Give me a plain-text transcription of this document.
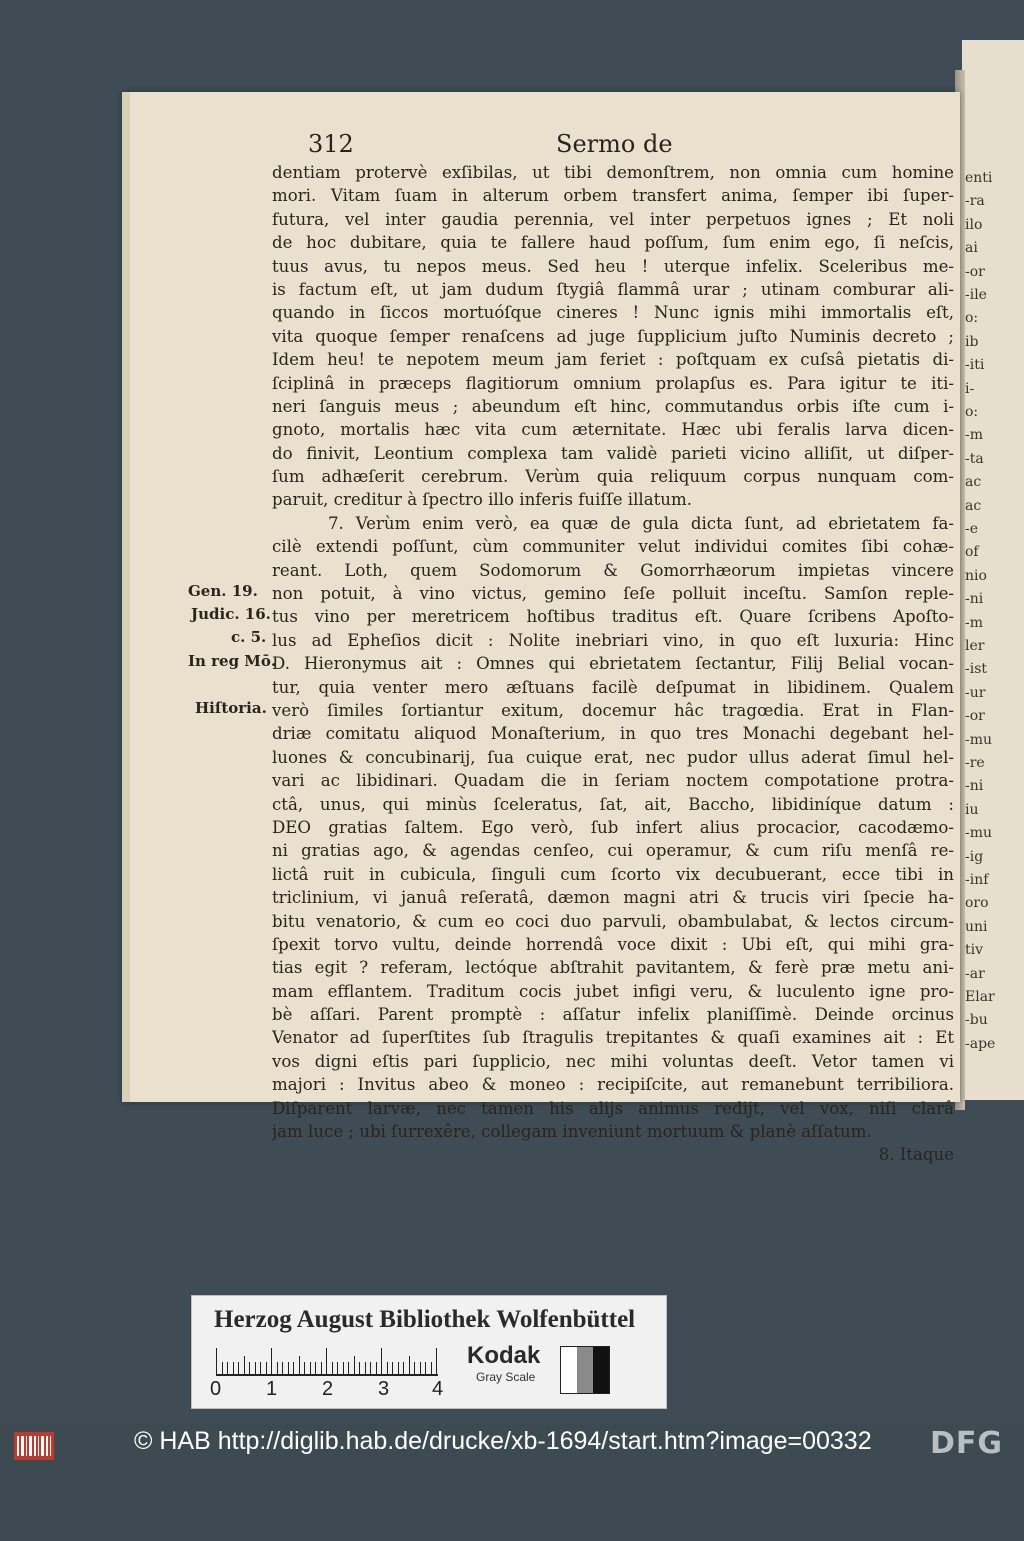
enti
-ra
ilo
ai
-or
-ile
o:
ib
-iti
i-
o:
-m
-ta
ac
ac
-e
of
nio
-ni
-m
ler
-ist
-ur
-or
-mu
-re
-ni
iu
-mu
-ig
-inf
oro
uni
tiv
-ar
Elar
-bu
-ape
312	Sermo de
dentiam protervè exſibilas, ut tibi demonſtrem, non omnia cum homine
mori. Vitam ſuam in alterum orbem transfert anima, ſemper ibi ſuper-
futura, vel inter gaudia perennia, vel inter perpetuos ignes ; Et noli
de hoc dubitare, quia te fallere haud poſſum, ſum enim ego, ſi neſcis,
tuus avus, tu nepos meus. Sed heu ! uterque infelix. Sceleribus me-
is factum eſt, ut jam dudum ſtygiâ flammâ urar ; utinam comburar ali-
quando in ſiccos mortuóſque cineres ! Nunc ignis mihi immortalis eſt,
vita quoque ſemper renaſcens ad juge ſupplicium juſto Numinis decreto ;
Idem heu! te nepotem meum jam feriet : poſtquam ex cuſsâ pietatis di-
ſciplinâ in præceps flagitiorum omnium prolapſus es. Para igitur te iti-
neri ſanguis meus ; abeundum eſt hinc, commutandus orbis iſte cum i-
gnoto, mortalis hæc vita cum æternitate. Hæc ubi feralis larva dicen-
do finivit, Leontium complexa tam validè parieti vicino alliſit, ut diſper-
ſum adhæſerit cerebrum. Verùm quia reliquum corpus nunquam com-
paruit, creditur à ſpectro illo inferis fuiſſe illatum.
7. Verùm enim verò, ea quæ de gula dicta ſunt, ad ebrietatem fa-
cilè extendi poſſunt, cùm communiter velut individui comites ſibi cohæ-
reant. Loth, quem Sodomorum & Gomorrhæorum impietas vincere
non potuit, à vino victus, gemino ſeſe polluit inceſtu. Samſon reple-
tus vino per meretricem hoſtibus traditus eſt. Quare ſcribens Apoſto-
lus ad Epheſios dicit : Nolite inebriari vino, in quo eſt luxuria: Hinc
D. Hieronymus ait : Omnes qui ebrietatem ſectantur, Filij Belial vocan-
tur, quia venter mero æſtuans facilè deſpumat in libidinem. Qualem
verò ſimiles ſortiantur exitum, docemur hâc tragœdia. Erat in Flan-
driæ comitatu aliquod Monaſterium, in quo tres Monachi degebant hel-
luones & concubinarij, ſua cuique erat, nec pudor ullus aderat ſimul hel-
vari ac libidinari. Quadam die in ſeriam noctem compotatione protra-
ctâ, unus, qui minùs ſceleratus, ſat, ait, Baccho, libidiníque datum :
DEO gratias ſaltem. Ego verò, ſub infert alius procacior, cacodæmo-
ni gratias ago, & agendas cenſeo, cui operamur, & cum riſu menſâ re-
lictâ ruit in cubicula, ſinguli cum ſcorto vix decubuerant, ecce tibi in
triclinium, vi januâ reſeratâ, dæmon magni atri & trucis viri ſpecie ha-
bitu venatorio, & cum eo coci duo parvuli, obambulabat, & lectos circum-
ſpexit torvo vultu, deinde horrendâ voce dixit : Ubi eſt, qui mihi gra-
tias egit ? referam, lectóque abſtrahit pavitantem, & ferè præ metu ani-
mam efflantem. Traditum cocis jubet infigi veru, & luculento igne pro-
bè aſſari. Parent promptè : aſſatur infelix planiſſimè. Deinde orcinus
Venator ad ſuperſtites ſub ſtragulis trepitantes & quaſi examines ait : Et
vos digni eſtis pari ſupplicio, nec mihi voluntas deeſt. Vetor tamen vi
majori : Invitus abeo & moneo : recipiſcite, aut remanebunt terribiliora.
Diſparent larvæ, nec tamen his alijs animus redijt, vel vox, niſi clarâ
jam luce ; ubi ſurrexêre, collegam inveniunt mortuum & planè aſſatum.
8. Itaque
Gen. 19.
Judic. 16.
c. 5.
In reg Mō.
Hiſtoria.
Herzog August Bibliothek Wolfenbüttel
0 1 2 3 4
Kodak
Gray Scale
© HAB http://diglib.hab.de/drucke/xb-1694/start.htm?image=00332 DFG
